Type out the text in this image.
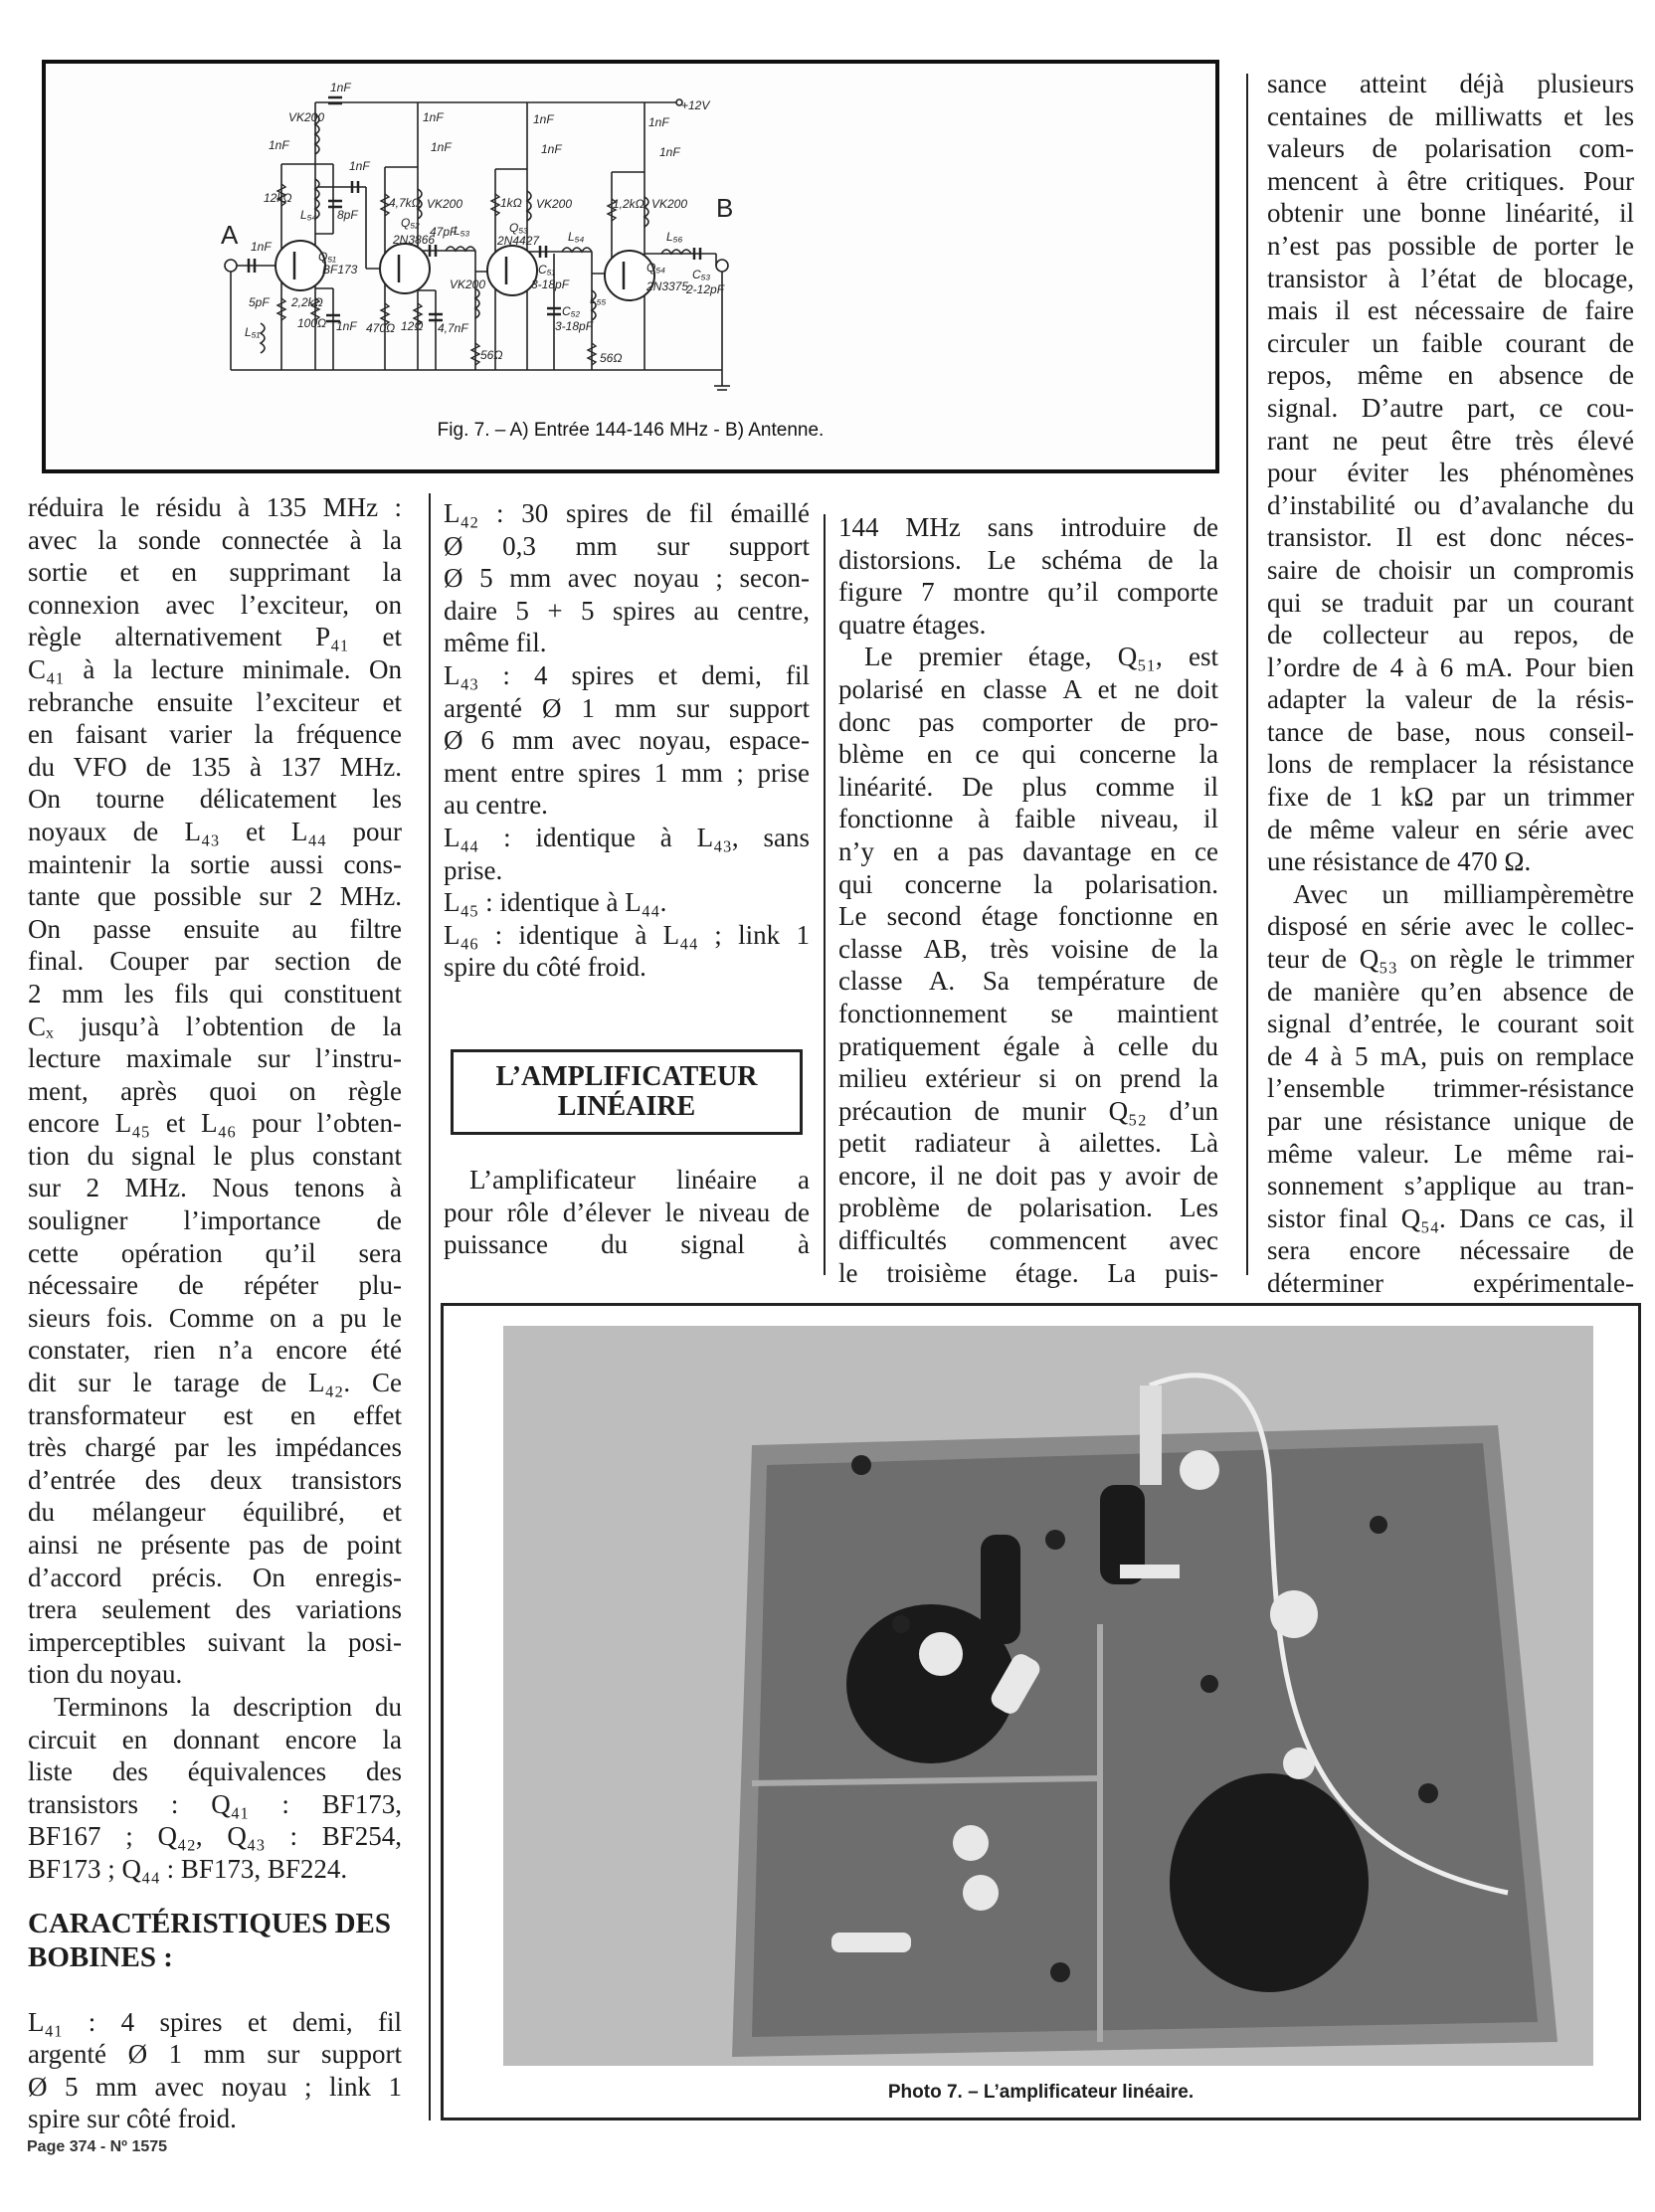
A
B
1nF
VK200
1nF
12kΩ
L₅₄ 8pF
1nF
1nF
Q₅₁
BF173
5pF
L₅₁
2,2kΩ
100Ω 1nF
1nF
1nF
4,7kΩ VK200
Q₅₂
2N3866
47pF
L₅₃
470Ω 12Ω 4,7nF
VK200
56Ω
1nF
1nF
1kΩ VK200
Q₅₃
2N4427 L₅₄
C₅₁
3-18pF
C₅₂
3-18pF
L₅₅
56Ω
1nF
1nF
1,2kΩ VK200
Q₅₄
2N3375
L₅₆
C₅₃
2-12pF
+12V
Fig. 7. – A) Entrée 144-146 MHz - B) Antenne.
réduira le résidu à 135 MHz :
avec la sonde connectée à la
sortie et en supprimant la
connexion avec l’exciteur, on
règle alternativement P₄₁ et
C₄₁ à la lecture minimale. On
rebranche ensuite l’exciteur et
en faisant varier la fréquence
du VFO de 135 à 137 MHz.
On tourne délicatement les
noyaux de L₄₃ et L₄₄ pour
maintenir la sortie aussi cons-
tante que possible sur 2 MHz.
On passe ensuite au filtre
final. Couper par section de
2 mm les fils qui constituent
Cₓ jusqu’à l’obtention de la
lecture maximale sur l’instru-
ment, après quoi on règle
encore L₄₅ et L₄₆ pour l’obten-
tion du signal le plus constant
sur 2 MHz. Nous tenons à
souligner l’importance de
cette opération qu’il sera
nécessaire de répéter plu-
sieurs fois. Comme on a pu le
constater, rien n’a encore été
dit sur le tarage de L₄₂. Ce
transformateur est en effet
très chargé par les impédances
d’entrée des deux transistors
du mélangeur équilibré, et
ainsi ne présente pas de point
d’accord précis. On enregis-
trera seulement des variations
imperceptibles suivant la posi-
tion du noyau.
Terminons la description du
circuit en donnant encore la
liste des équivalences des
transistors : Q₄₁ : BF173,
BF167 ; Q₄₂, Q₄₃ : BF254,
BF173 ; Q₄₄ : BF173, BF224.
CARACTÉRISTIQUES DES
BOBINES :
L₄₁ : 4 spires et demi, fil
argenté Ø 1 mm sur support
Ø 5 mm avec noyau ; link 1
spire sur côté froid.
L₄₂ : 30 spires de fil émaillé
Ø 0,3 mm sur support
Ø 5 mm avec noyau ; secon-
daire 5 + 5 spires au centre,
même fil.
L₄₃ : 4 spires et demi, fil
argenté Ø 1 mm sur support
Ø 6 mm avec noyau, espace-
ment entre spires 1 mm ; prise
au centre.
L₄₄ : identique à L₄₃, sans
prise.
L₄₅ : identique à L₄₄.
L₄₆ : identique à L₄₄ ; link 1
spire du côté froid.
L’AMPLIFICATEUR
LINÉAIRE
L’amplificateur linéaire a
pour rôle d’élever le niveau de
puissance du signal à
144 MHz sans introduire de
distorsions. Le schéma de la
figure 7 montre qu’il comporte
quatre étages.
Le premier étage, Q₅₁, est
polarisé en classe A et ne doit
donc pas comporter de pro-
blème en ce qui concerne la
linéarité. De plus comme il
fonctionne à faible niveau, il
n’y en a pas davantage en ce
qui concerne la polarisation.
Le second étage fonctionne en
classe AB, très voisine de la
classe A. Sa température de
fonctionnement se maintient
pratiquement égale à celle du
milieu extérieur si on prend la
précaution de munir Q₅₂ d’un
petit radiateur à ailettes. Là
encore, il ne doit pas y avoir de
problème de polarisation. Les
difficultés commencent avec
le troisième étage. La puis-
sance atteint déjà plusieurs
centaines de milliwatts et les
valeurs de polarisation com-
mencent à être critiques. Pour
obtenir une bonne linéarité, il
n’est pas possible de porter le
transistor à l’état de blocage,
mais il est nécessaire de faire
circuler un faible courant de
repos, même en absence de
signal. D’autre part, ce cou-
rant ne peut être très élevé
pour éviter les phénomènes
d’instabilité ou d’avalanche du
transistor. Il est donc néces-
saire de choisir un compromis
qui se traduit par un courant
de collecteur au repos, de
l’ordre de 4 à 6 mA. Pour bien
adapter la valeur de la résis-
tance de base, nous conseil-
lons de remplacer la résistance
fixe de 1 kΩ par un trimmer
de même valeur en série avec
une résistance de 470 Ω.
Avec un milliampèremètre
disposé en série avec le collec-
teur de Q₅₃ on règle le trimmer
de manière qu’en absence de
signal d’entrée, le courant soit
de 4 à 5 mA, puis on remplace
l’ensemble trimmer-résistance
par une résistance unique de
même valeur. Le même rai-
sonnement s’applique au tran-
sistor final Q₅₄. Dans ce cas, il
sera encore nécessaire de
déterminer expérimentale-
Photo 7. – L’amplificateur linéaire.
Page 374 - Nº 1575
